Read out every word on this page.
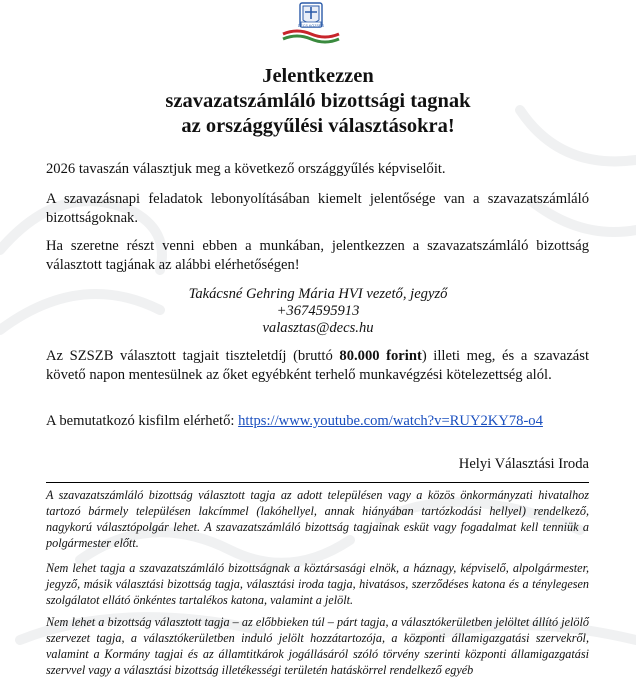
DÉCS KÖZSÉG
Jelentkezzen
szavazatszámláló bizottsági tagnak
az országgyűlési választásokra!
2026 tavaszán választjuk meg a következő országgyűlés képviselőit.
A szavazásnapi feladatok lebonyolításában kiemelt jelentősége van a szavazatszámláló bizottságoknak.
Ha szeretne részt venni ebben a munkában, jelentkezzen a szavazatszámláló bizottság választott tagjának az alábbi elérhetőségen!
Takácsné Gehring Mária HVI vezető, jegyző
+3674595913
valasztas@decs.hu
Az SZSZB választott tagjait tiszteletdíj (bruttó 80.000 forint) illeti meg, és a szavazást követő napon mentesülnek az őket egyébként terhelő munkavégzési kötelezettség alól.
A bemutatkozó kisfilm elérhető: https://www.youtube.com/watch?v=RUY2KY78-o4
Helyi Választási Iroda
A szavazatszámláló bizottság választott tagja az adott településen vagy a közös önkormányzati hivatalhoz tartozó bármely településen lakcímmel (lakóhellyel, annak hiányában tartózkodási hellyel) rendelkező, nagykorú választópolgár lehet. A szavazatszámláló bizottság tagjainak esküt vagy fogadalmat kell tenniük a polgármester előtt.
Nem lehet tagja a szavazatszámláló bizottságnak a köztársasági elnök, a háznagy, képviselő, alpolgármester, jegyző, másik választási bizottság tagja, választási iroda tagja, hivatásos, szerződéses katona és a ténylegesen szolgálatot ellátó önkéntes tartalékos katona, valamint a jelölt.
Nem lehet a bizottság választott tagja – az előbbieken túl – párt tagja, a választókerületben jelöltet állító jelölő szervezet tagja, a választókerületben induló jelölt hozzátartozója, a központi államigazgatási szervekről, valamint a Kormány tagjai és az államtitkárok jogállásáról szóló törvény szerinti központi államigazgatási szervvel vagy a választási bizottság illetékességi területén hatáskörrel rendelkező egyéb
